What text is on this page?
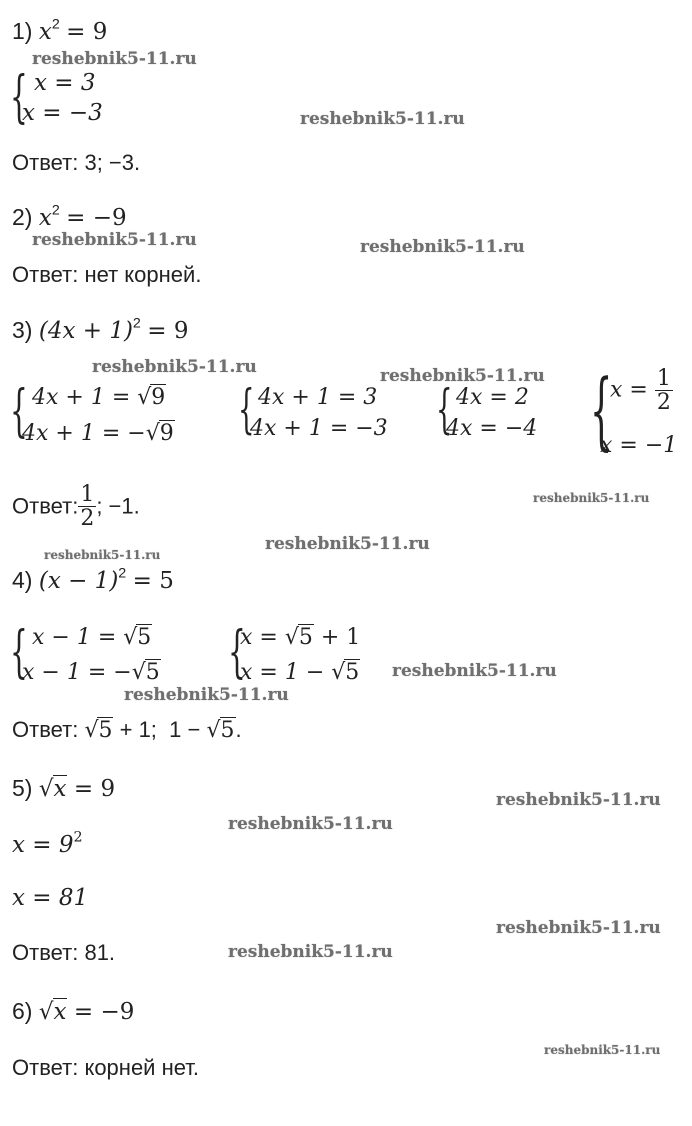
reshebnik5-11.ru
reshebnik5-11.ru
reshebnik5-11.ru	reshebnik5-11.ru
reshebnik5-11.ru	reshebnik5-11.ru
reshebnik5-11.ru
reshebnik5-11.ru
reshebnik5-11.ru
reshebnik5-11.ru
reshebnik5-11.ru
reshebnik5-11.ru
reshebnik5-11.ru
reshebnik5-11.ru
reshebnik5-11.ru
reshebnik5-11.ru
1) $x^2 = 9$
{ x = 3
x = −3
Ответ: 3; −3.
2) $x^2 = -9$
Ответ: нет корней.
3) $(4x + 1)^2 = 9$
{ 4x + 1 = √9
4x + 1 = −√9 { 4x + 1 = 3
4x + 1 = −3 { 4x = 2
4x = −4 {
$x = \frac{1}{2}$
x = −1
Ответ: $\frac{1}{2}$ ; −1.
4) $(x - 1)^2 = 5$
{ x − 1 = √5
x − 1 = −√5 {
x = √5 + 1
x = 1 − √5
Ответ: √5 + 1; 1 − √5.
5) √x = 9
$x = 9^2$
x = 81
Ответ: 81.
6) √x = −9
Ответ: корней нет.
